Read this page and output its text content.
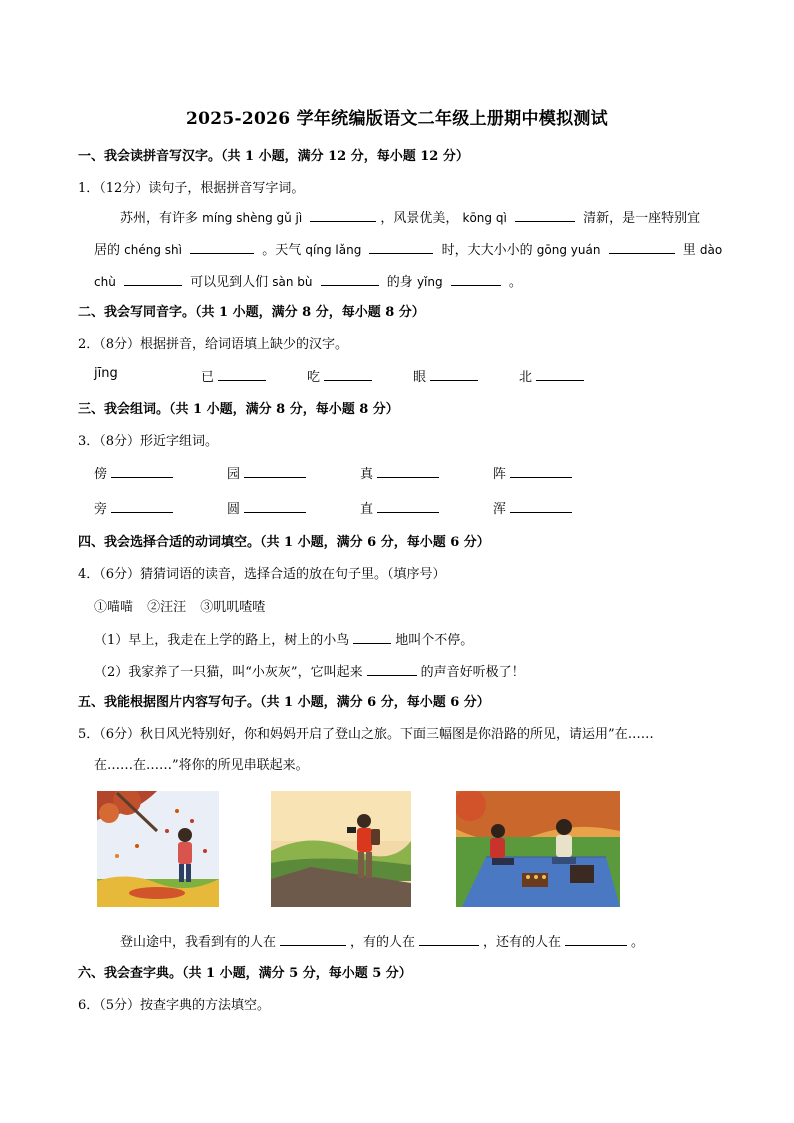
2025-2026 学年统编版语文二年级上册期中模拟测试
一、我会读拼音写汉字。（共 1 小题，满分 12 分，每小题 12 分）
1．（12分）读句子，根据拼音写字词。
苏州，有许多 míng shèng gǔ jì	，风景优美， kōng qì	清新，是一座特别宜
居的 chéng shì	。天气 qíng lǎng	时，大大小小的 gōng yuán	里 dào
chù	可以见到人们 sàn bù	的身 yǐng	。
二、我会写同音字。（共 1 小题，满分 8 分，每小题 8 分）
2．（8分）根据拼音，给词语填上缺少的汉字。
jīng	已	吃	眼	北
三、我会组词。（共 1 小题，满分 8 分，每小题 8 分）
3．（8分）形近字组词。
傍	园	真	阵
旁	圆	直	浑
四、我会选择合适的动词填空。（共 1 小题，满分 6 分，每小题 6 分）
4．（6分）猜猜词语的读音，选择合适的放在句子里。（填序号）
①喵喵 ②汪汪 ③叽叽喳喳
（1）早上，我走在上学的路上，树上的小鸟	地叫个不停。
（2）我家养了一只猫，叫“小灰灰”，它叫起来	的声音好听极了！
五、我能根据图片内容写句子。（共 1 小题，满分 6 分，每小题 6 分）
5．（6分）秋日风光特别好，你和妈妈开启了登山之旅。下面三幅图是你沿路的所见，请运用”在……
在……在……”将你的所见串联起来。
登山途中，我看到有的人在	，有的人在	，还有的人在	。
六、我会查字典。（共 1 小题，满分 5 分，每小题 5 分）
6．（5分）按查字典的方法填空。
